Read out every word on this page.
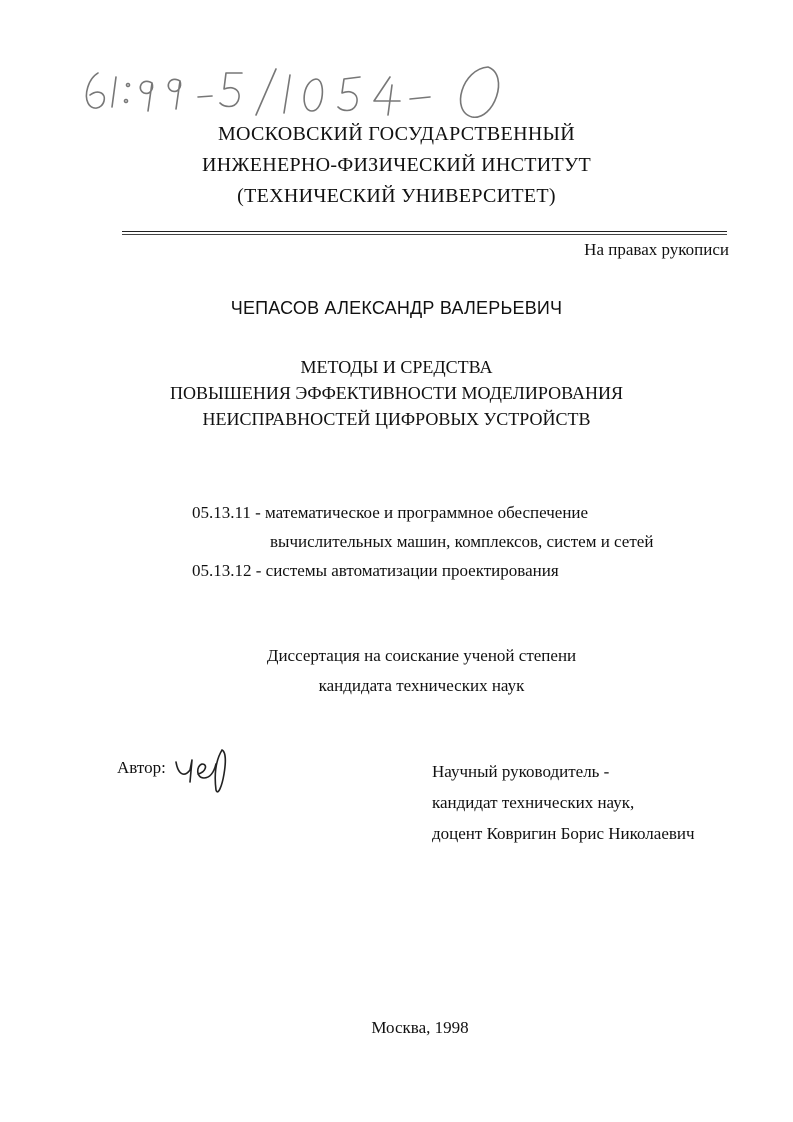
МОСКОВСКИЙ ГОСУДАРСТВЕННЫЙ
ИНЖЕНЕРНО-ФИЗИЧЕСКИЙ ИНСТИТУТ
(ТЕХНИЧЕСКИЙ УНИВЕРСИТЕТ)
На правах рукописи
ЧЕПАСОВ АЛЕКСАНДР ВАЛЕРЬЕВИЧ
МЕТОДЫ И СРЕДСТВА
ПОВЫШЕНИЯ ЭФФЕКТИВНОСТИ МОДЕЛИРОВАНИЯ
НЕИСПРАВНОСТЕЙ ЦИФРОВЫХ УСТРОЙСТВ
05.13.11 - математическое и программное обеспечение
вычислительных машин, комплексов, систем и сетей
05.13.12 - системы автоматизации проектирования
Диссертация на соискание ученой степени
кандидата технических наук
Автор:	Научный руководитель -
кандидат технических наук,
доцент Ковригин Борис Николаевич
Москва, 1998
